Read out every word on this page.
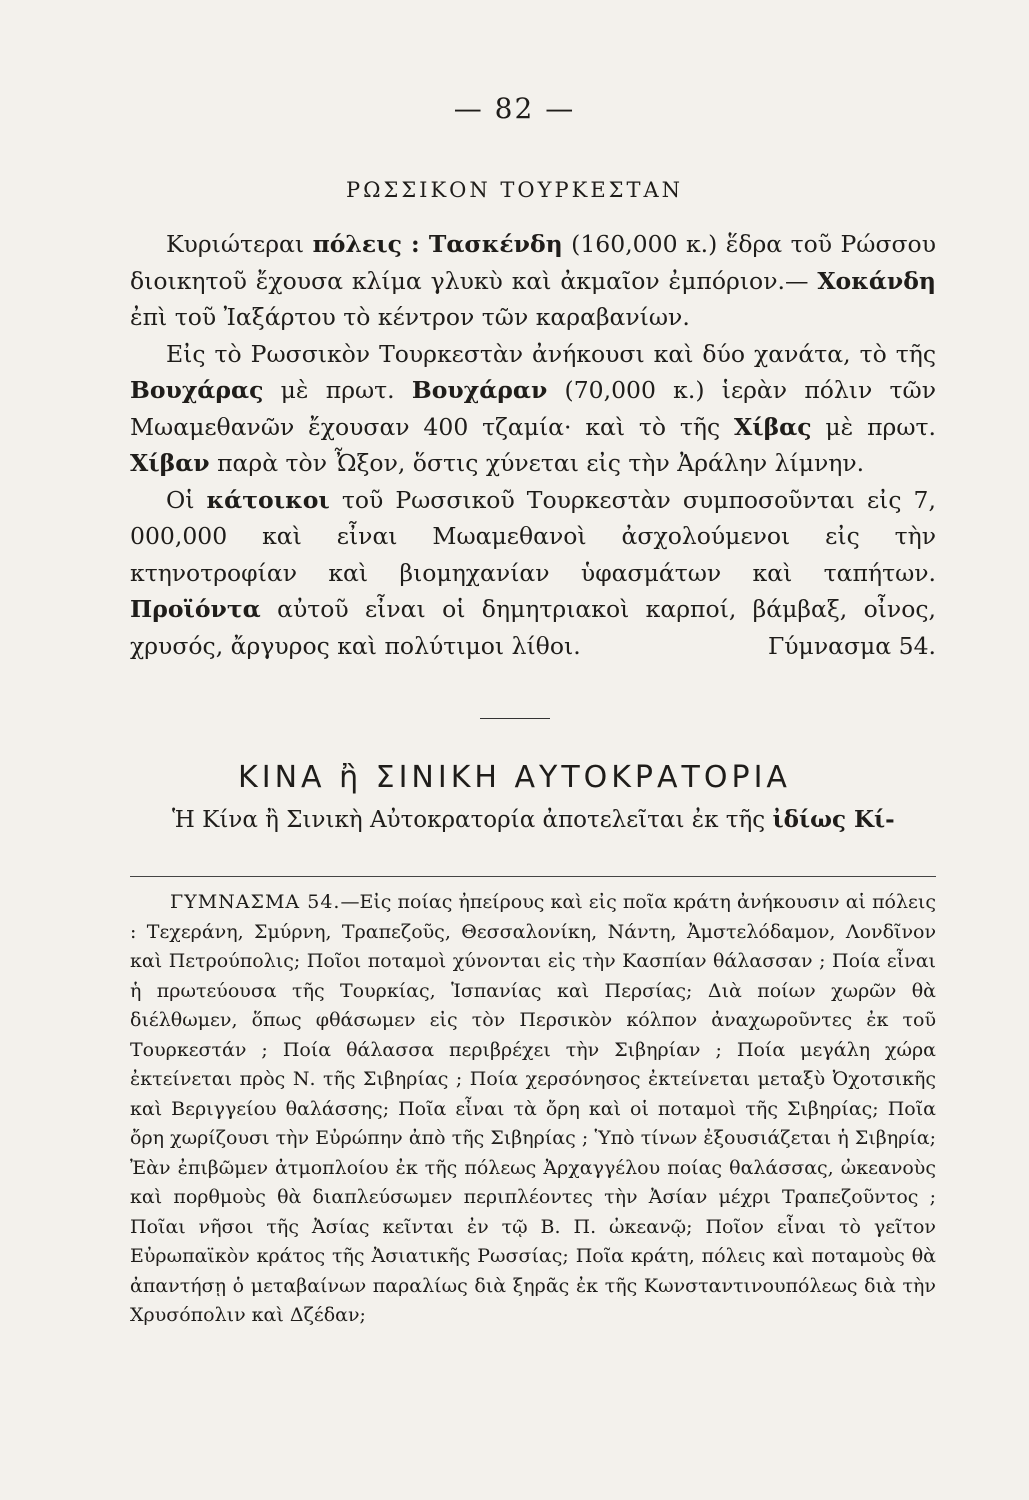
— 82 —
ΡΩΣΣΙΚΟΝ ΤΟΥΡΚΕΣΤΑΝ

Κυριώτεραι πόλεις : Τασκένδη (160,000 κ.) ἕδρα τοῦ Ρώσσου διοικητοῦ ἔχουσα κλίμα γλυκὺ καὶ ἀκμαῖον ἐμπόριον.— Χοκάνδη ἐπὶ τοῦ Ἰαξάρτου τὸ κέντρον τῶν καραβανίων.

Εἰς τὸ Ρωσσικὸν Τουρκεστὰν ἀνήκουσι καὶ δύο χανάτα, τὸ τῆς Βουχάρας μὲ πρωτ. Βουχάραν (70,000 κ.) ἱερὰν πόλιν τῶν Μωαμεθανῶν ἔχουσαν 400 τζαμία· καὶ τὸ τῆς Χίβας μὲ πρωτ. Χίβαν παρὰ τὸν Ὦξον, ὅστις χύνεται εἰς τὴν Ἀράλην λίμνην.

Οἱ κάτοικοι τοῦ Ρωσσικοῦ Τουρκεστὰν συμποσοῦνται εἰς 7, 000,000 καὶ εἶναι Μωαμεθανοὶ ἀσχολούμενοι εἰς τὴν κτηνοτροφίαν καὶ βιομηχανίαν ὑφασμάτων καὶ ταπήτων. Προϊόντα αὐτοῦ εἶναι οἱ δημητριακοὶ καρποί, βάμβαξ, οἶνος, χρυσός, ἄργυρος καὶ πολύτιμοι λίθοι.	Γύμνασμα 54.

ΚΙΝΑ ἢ ΣΙΝΙΚΗ ΑΥΤΟΚΡΑΤΟΡΙΑ
Ἡ Κίνα ἢ Σινικὴ Αὐτοκρατορία ἀποτελεῖται ἐκ τῆς ἰδίως Κί-

ΓΥΜΝΑΣΜΑ 54.—Εἰς ποίας ἠπείρους καὶ εἰς ποῖα κράτη ἀνήκουσιν αἱ πόλεις : Τεχεράνη, Σμύρνη, Τραπεζοῦς, Θεσσαλονίκη, Νάντη, Ἀμστελόδαμον, Λονδῖνον καὶ Πετρούπολις; Ποῖοι ποταμοὶ χύνονται εἰς τὴν Κασπίαν θάλασσαν ; Ποία εἶναι ἡ πρωτεύουσα τῆς Τουρκίας, Ἱσπανίας καὶ Περσίας; Διὰ ποίων χωρῶν θὰ διέλθωμεν, ὅπως φθάσωμεν εἰς τὸν Περσικὸν κόλπον ἀναχωροῦντες ἐκ τοῦ Τουρκεστάν ; Ποία θάλασσα περιβρέχει τὴν Σιβηρίαν ; Ποία μεγάλη χώρα ἐκτείνεται πρὸς Ν. τῆς Σιβηρίας ; Ποία χερσόνησος ἐκτείνεται μεταξὺ Ὀχοτσικῆς καὶ Βεριγγείου θαλάσσης; Ποῖα εἶναι τὰ ὄρη καὶ οἱ ποταμοὶ τῆς Σιβηρίας; Ποῖα ὄρη χωρίζουσι τὴν Εὐρώπην ἀπὸ τῆς Σιβηρίας ; Ὑπὸ τίνων ἐξουσιάζεται ἡ Σιβηρία; Ἐὰν ἐπιβῶμεν ἀτμοπλοίου ἐκ τῆς πόλεως Ἀρχαγγέλου ποίας θαλάσσας, ὠκεανοὺς καὶ πορθμοὺς θὰ διαπλεύσωμεν περιπλέοντες τὴν Ἀσίαν μέχρι Τραπεζοῦντος ; Ποῖαι νῆσοι τῆς Ἀσίας κεῖνται ἐν τῷ Β. Π. ὠκεανῷ; Ποῖον εἶναι τὸ γεῖτον Εὐρωπαϊκὸν κράτος τῆς Ἀσιατικῆς Ρωσσίας; Ποῖα κράτη, πόλεις καὶ ποταμοὺς θὰ ἀπαντήσῃ ὁ μεταβαίνων παραλίως διὰ ξηρᾶς ἐκ τῆς Κωνσταντινουπόλεως διὰ τὴν Χρυσόπολιν καὶ Δζέδαν;
